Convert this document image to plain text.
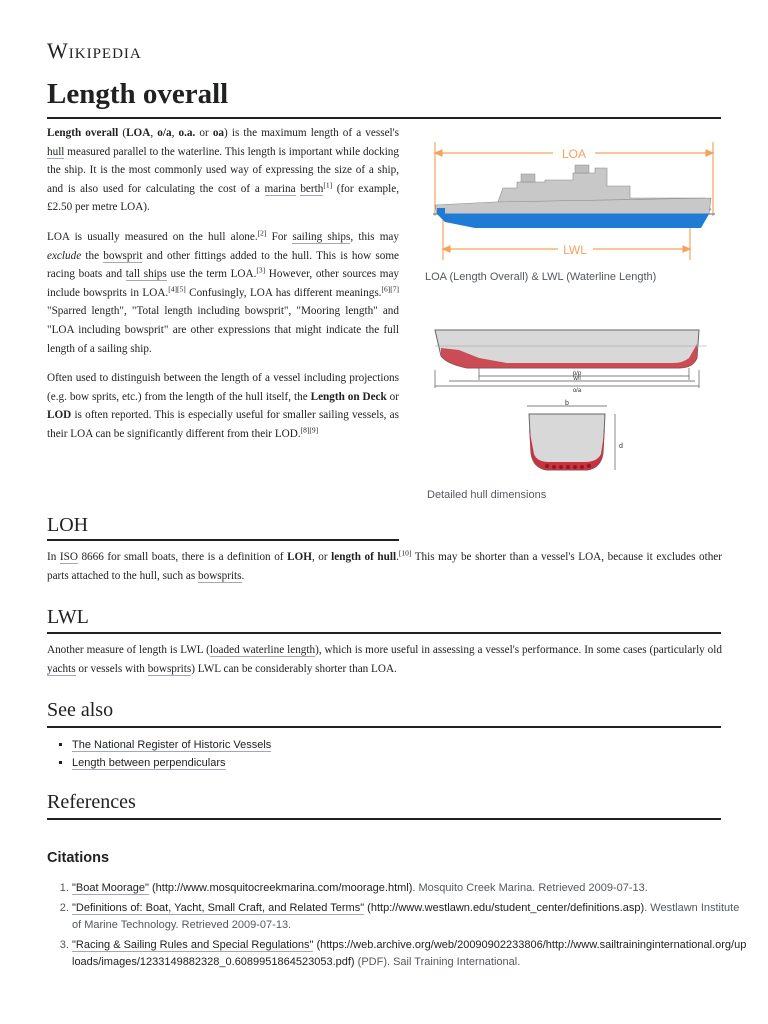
Wikipedia
Length overall

Length overall (LOA, o/a, o.a. or oa) is the maximum length of a vessel's hull measured parallel to the waterline. This length is important while docking the ship. It is the most commonly used way of expressing the size of a ship, and is also used for calculating the cost of a marina berth[1] (for example, £2.50 per metre LOA).

LOA is usually measured on the hull alone.[2] For sailing ships, this may exclude the bowsprit and other fittings added to the hull. This is how some racing boats and tall ships use the term LOA.[3] However, other sources may include bowsprits in LOA.[4][5] Confusingly, LOA has different meanings.[6][7] "Sparred length", "Total length including bowsprit", "Mooring length" and "LOA including bowsprit" are other expressions that might indicate the full length of a sailing ship.

Often used to distinguish between the length of a vessel including projections (e.g. bow sprits, etc.) from the length of the hull itself, the Length on Deck or LOD is often reported. This is especially useful for smaller sailing vessels, as their LOA can be significantly different from their LOD.[8][9]

LOA
LWL
LOA (Length Overall) & LWL (Waterline Length)
p/p
w/l
o/a
b
d
Detailed hull dimensions
LOH

In ISO 8666 for small boats, there is a definition of LOH, or length of hull.[10] This may be shorter than a vessel's LOA, because it excludes other parts attached to the hull, such as bowsprits.

LWL

Another measure of length is LWL (loaded waterline length), which is more useful in assessing a vessel's performance. In some cases (particularly old yachts or vessels with bowsprits) LWL can be considerably shorter than LOA.

See also
▪ The National Register of Historic Vessels
▪ Length between perpendiculars
References
Citations
1. "Boat Moorage" (http://www.mosquitocreekmarina.com/moorage.html). Mosquito Creek Marina. Retrieved 2009-07-13.
2. "Definitions of: Boat, Yacht, Small Craft, and Related Terms" (http://www.westlawn.edu/student_center/definitions.asp). Westlawn Institute of Marine Technology. Retrieved 2009-07-13.
3. "Racing & Sailing Rules and Special Regulations" (https://web.archive.org/web/20090902233806/http://www.sailtraininginternational.org/uploads/images/1233149882328_0.6089951864523053.pdf) (PDF). Sail Training International.
